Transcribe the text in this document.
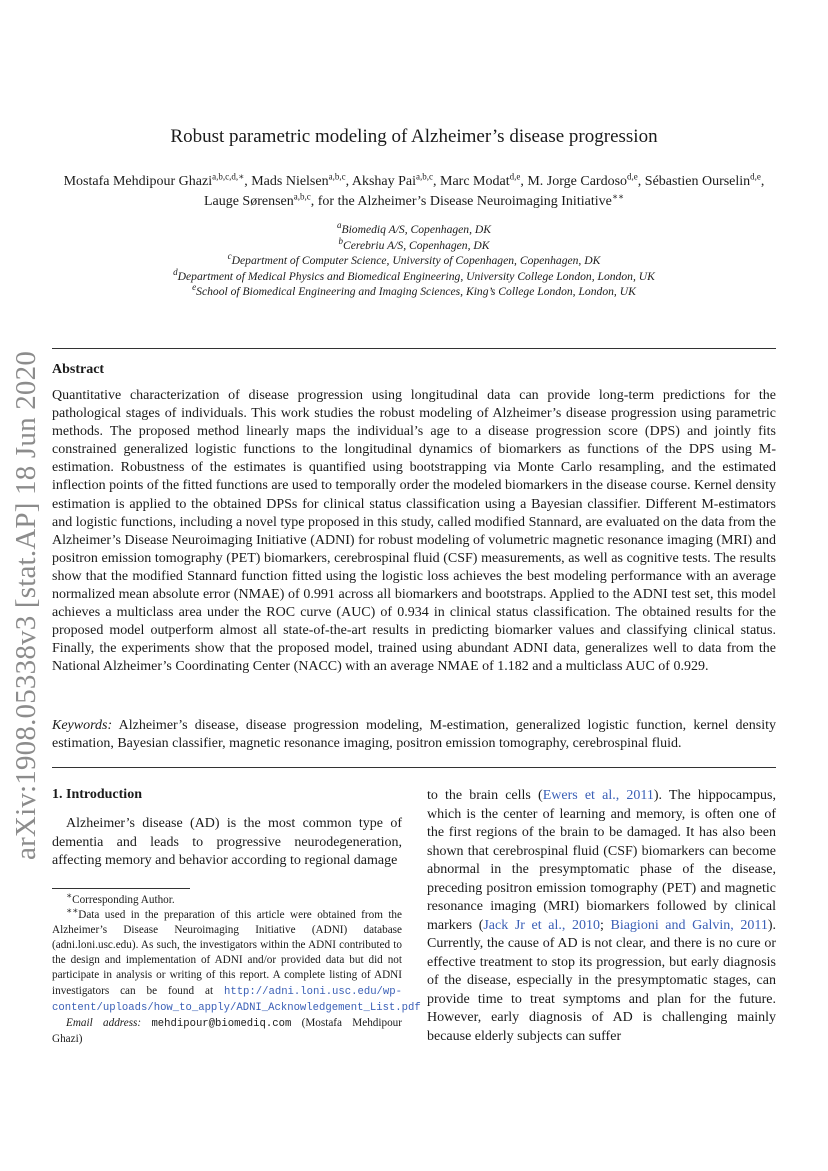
arXiv:1908.05338v3 [stat.AP] 18 Jun 2020
Robust parametric modeling of Alzheimer’s disease progression
Mostafa Mehdipour Ghazi$^{a,b,c,d,∗}$, Mads Nielsen$^{a,b,c}$, Akshay Pai$^{a,b,c}$, Marc Modat$^{d,e}$, M. Jorge Cardoso$^{d,e}$, Sébastien Ourselin$^{d,e}$, Lauge Sørensen$^{a,b,c}$, for the Alzheimer’s Disease Neuroimaging Initiative∗∗
$^a$Biomediq A/S, Copenhagen, DK
$^b$Cerebriu A/S, Copenhagen, DK
$^c$Department of Computer Science, University of Copenhagen, Copenhagen, DK
$^d$Department of Medical Physics and Biomedical Engineering, University College London, London, UK
$^e$School of Biomedical Engineering and Imaging Sciences, King’s College London, London, UK
Abstract
Quantitative characterization of disease progression using longitudinal data can provide long-term predictions for the pathological stages of individuals. This work studies the robust modeling of Alzheimer’s disease progression using parametric methods. The proposed method linearly maps the individual’s age to a disease progression score (DPS) and jointly fits constrained generalized logistic functions to the longitudinal dynamics of biomarkers as functions of the DPS using M-estimation. Robustness of the estimates is quantified using bootstrapping via Monte Carlo resampling, and the estimated inflection points of the fitted functions are used to temporally order the modeled biomarkers in the disease course. Kernel density estimation is applied to the obtained DPSs for clinical status classification using a Bayesian classifier. Different M-estimators and logistic functions, including a novel type proposed in this study, called modified Stannard, are evaluated on the data from the Alzheimer’s Disease Neuroimaging Initiative (ADNI) for robust modeling of volumetric magnetic resonance imaging (MRI) and positron emission tomography (PET) biomarkers, cerebrospinal fluid (CSF) measurements, as well as cognitive tests. The results show that the modified Stannard function fitted using the logistic loss achieves the best modeling performance with an average normalized mean absolute error (NMAE) of 0.991 across all biomarkers and bootstraps. Applied to the ADNI test set, this model achieves a multiclass area under the ROC curve (AUC) of 0.934 in clinical status classification. The obtained results for the proposed model outperform almost all state-of-the-art results in predicting biomarker values and classifying clinical status. Finally, the experiments show that the proposed model, trained using abundant ADNI data, generalizes well to data from the National Alzheimer’s Coordinating Center (NACC) with an average NMAE of 1.182 and a multiclass AUC of 0.929.
Keywords: Alzheimer’s disease, disease progression modeling, M-estimation, generalized logistic function, kernel density estimation, Bayesian classifier, magnetic resonance imaging, positron emission tomography, cerebrospinal fluid.
1. Introduction
Alzheimer’s disease (AD) is the most common type of dementia and leads to progressive neurodegeneration, affecting memory and behavior according to regional damage
∗Corresponding Author.
∗∗Data used in the preparation of this article were obtained from the Alzheimer’s Disease Neuroimaging Initiative (ADNI) database (adni.loni.usc.edu). As such, the investigators within the ADNI contributed to the design and implementation of ADNI and/or provided data but did not participate in analysis or writing of this report. A complete listing of ADNI investigators can be found at http://adni.loni.usc.edu/wp-content/uploads/how_to_apply/ADNI_Acknowledgement_List.pdf
Email address: mehdipour@biomediq.com (Mostafa Mehdipour Ghazi)
to the brain cells (Ewers et al., 2011). The hippocampus, which is the center of learning and memory, is often one of the first regions of the brain to be damaged. It has also been shown that cerebrospinal fluid (CSF) biomarkers can become abnormal in the presymptomatic phase of the disease, preceding positron emission tomography (PET) and magnetic resonance imaging (MRI) biomarkers followed by clinical markers (Jack Jr et al., 2010; Biagioni and Galvin, 2011). Currently, the cause of AD is not clear, and there is no cure or effective treatment to stop its progression, but early diagnosis of the disease, especially in the presymptomatic stages, can provide time to treat symptoms and plan for the future. However, early diagnosis of AD is challenging mainly because elderly subjects can suffer
